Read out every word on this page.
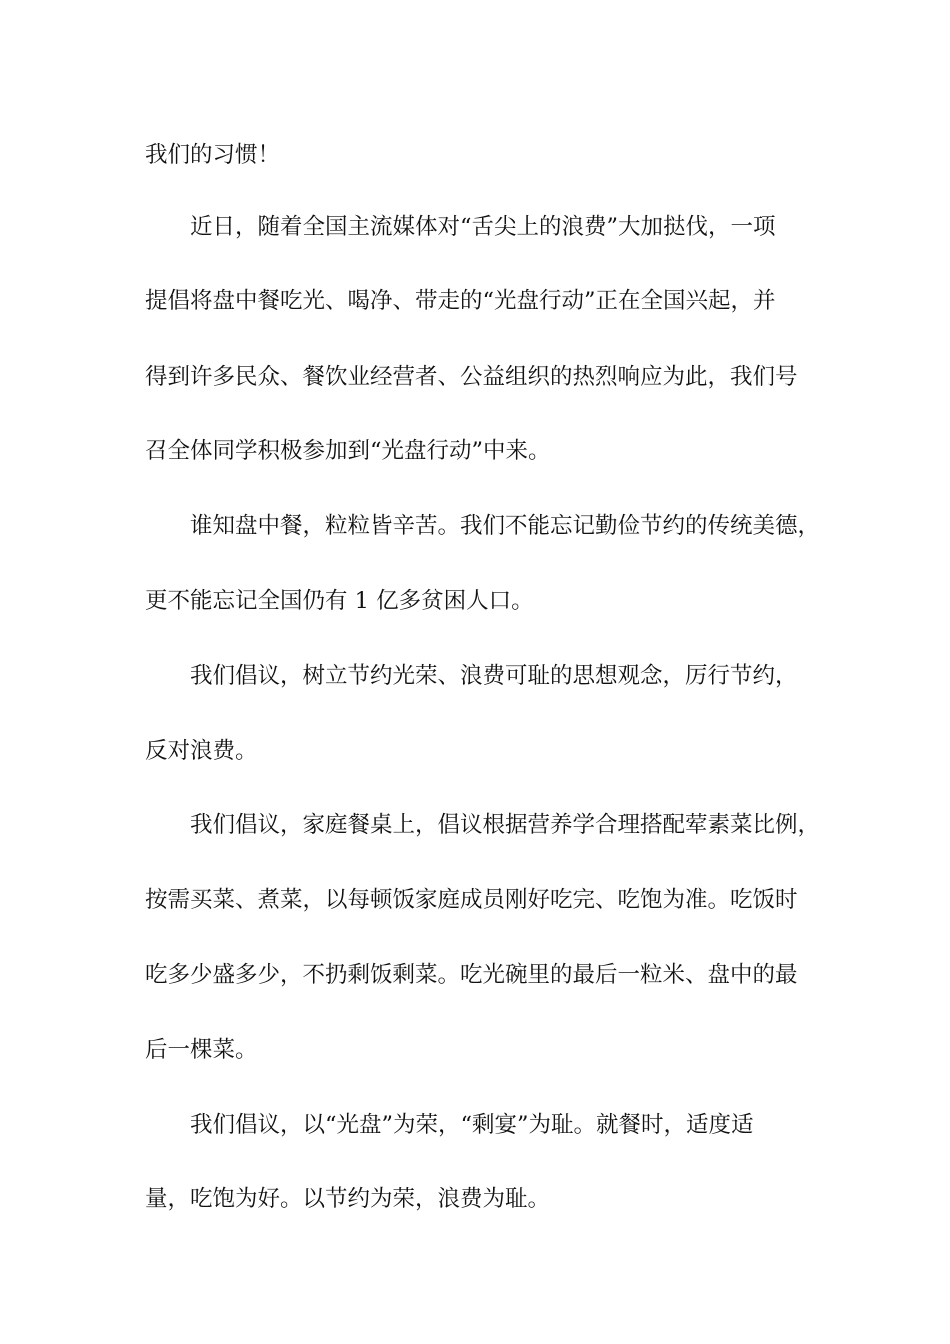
我们的习惯！

　　近日，随着全国主流媒体对“舌尖上的浪费”大加挞伐，一项

提倡将盘中餐吃光、喝净、带走的“光盘行动”正在全国兴起，并

得到许多民众、餐饮业经营者、公益组织的热烈响应为此，我们号

召全体同学积极参加到“光盘行动”中来。

　　谁知盘中餐，粒粒皆辛苦。我们不能忘记勤俭节约的传统美德，

更不能忘记全国仍有 1 亿多贫困人口。

　　我们倡议，树立节约光荣、浪费可耻的思想观念，厉行节约，

反对浪费。

　　我们倡议，家庭餐桌上，倡议根据营养学合理搭配荤素菜比例，

按需买菜、煮菜，以每顿饭家庭成员刚好吃完、吃饱为准。吃饭时

吃多少盛多少，不扔剩饭剩菜。吃光碗里的最后一粒米、盘中的最

后一棵菜。

　　我们倡议，以“光盘”为荣，“剩宴”为耻。就餐时，适度适

量，吃饱为好。以节约为荣，浪费为耻。
